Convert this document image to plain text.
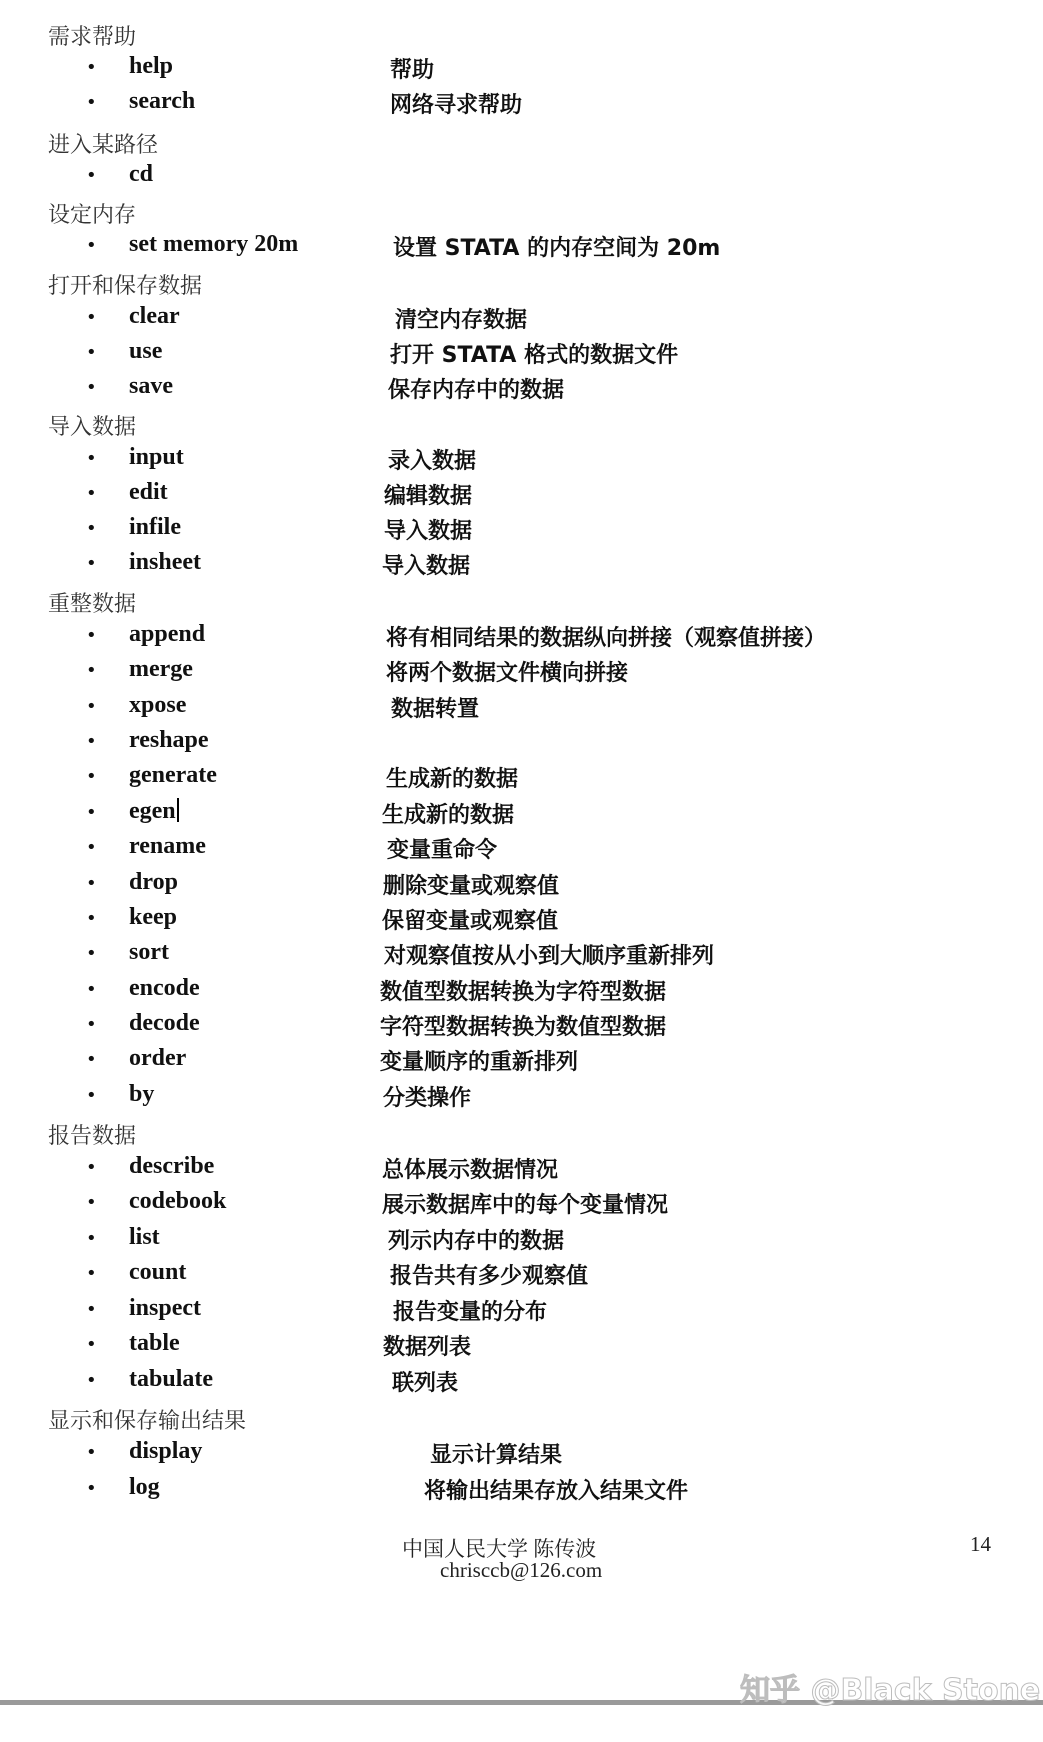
需求帮助
• help	帮助
• search	网络寻求帮助
进入某路径
• cd
设定内存
• set memory 20m	设置 STATA 的内存空间为 20m
打开和保存数据
• clear	清空内存数据
• use	打开 STATA 格式的数据文件
• save	保存内存中的数据
导入数据
• input	录入数据
• edit	编辑数据
• infile	导入数据
• insheet	导入数据
重整数据
• append	将有相同结果的数据纵向拼接（观察值拼接）
• merge	将两个数据文件横向拼接
• xpose	数据转置
• reshape
• generate	生成新的数据
• egen	生成新的数据
• rename	变量重命令
• drop	删除变量或观察值
• keep	保留变量或观察值
• sort	对观察值按从小到大顺序重新排列
• encode	数值型数据转换为字符型数据
• decode	字符型数据转换为数值型数据
• order	变量顺序的重新排列
• by	分类操作
报告数据
• describe	总体展示数据情况
• codebook	展示数据库中的每个变量情况
• list	列示内存中的数据
• count	报告共有多少观察值
• inspect	报告变量的分布
• table	数据列表
• tabulate	联列表
显示和保存输出结果
• display	显示计算结果
• log	将输出结果存放入结果文件
中国人民大学 陈传波
chrisccb@126.com
14
知乎 @Black Stone
